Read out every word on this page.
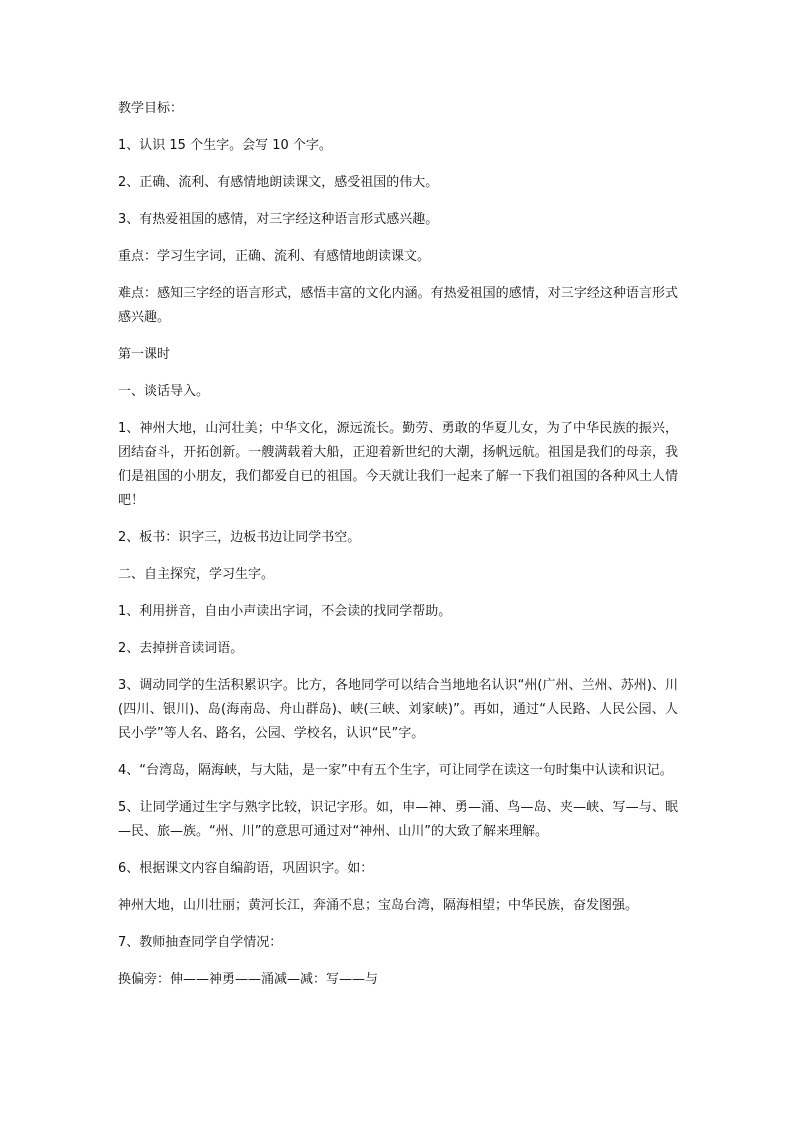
教学目标：

1、认识 15 个生字。会写 10 个字。

2、正确、流利、有感情地朗读课文，感受祖国的伟大。

3、有热爱祖国的感情，对三字经这种语言形式感兴趣。

重点：学习生字词，正确、流利、有感情地朗读课文。

难点：感知三字经的语言形式，感悟丰富的文化内涵。有热爱祖国的感情，对三字经这种语言形式感兴趣。

第一课时

一、谈话导入。

1、神州大地，山河壮美；中华文化，源远流长。勤劳、勇敢的华夏儿女，为了中华民族的振兴，团结奋斗，开拓创新。一艘满载着大船，正迎着新世纪的大潮，扬帆远航。祖国是我们的母亲，我们是祖国的小朋友，我们都爱自已的祖国。今天就让我们一起来了解一下我们祖国的各种风土人情吧！

2、板书：识字三，边板书边让同学书空。

二、自主探究，学习生字。

1、利用拼音，自由小声读出字词，不会读的找同学帮助。

2、去掉拼音读词语。

3、调动同学的生活积累识字。比方，各地同学可以结合当地地名认识“州(广州、兰州、苏州)、川(四川、银川)、岛(海南岛、舟山群岛)、峡(三峡、刘家峡)”。再如，通过“人民路、人民公园、人民小学”等人名、路名，公园、学校名，认识“民”字。

4、“台湾岛，隔海峡，与大陆，是一家”中有五个生字，可让同学在读这一句时集中认读和识记。

5、让同学通过生字与熟字比较，识记字形。如，申—神、勇—涌、鸟—岛、夹—峡、写—与、眠—民、旅—族。“州、川”的意思可通过对“神州、山川”的大致了解来理解。

6、根据课文内容自编韵语，巩固识字。如：

神州大地，山川壮丽；黄河长江，奔涌不息；宝岛台湾，隔海相望；中华民族，奋发图强。

7、教师抽查同学自学情况：

换偏旁：伸——神勇——涌减—减：写——与
